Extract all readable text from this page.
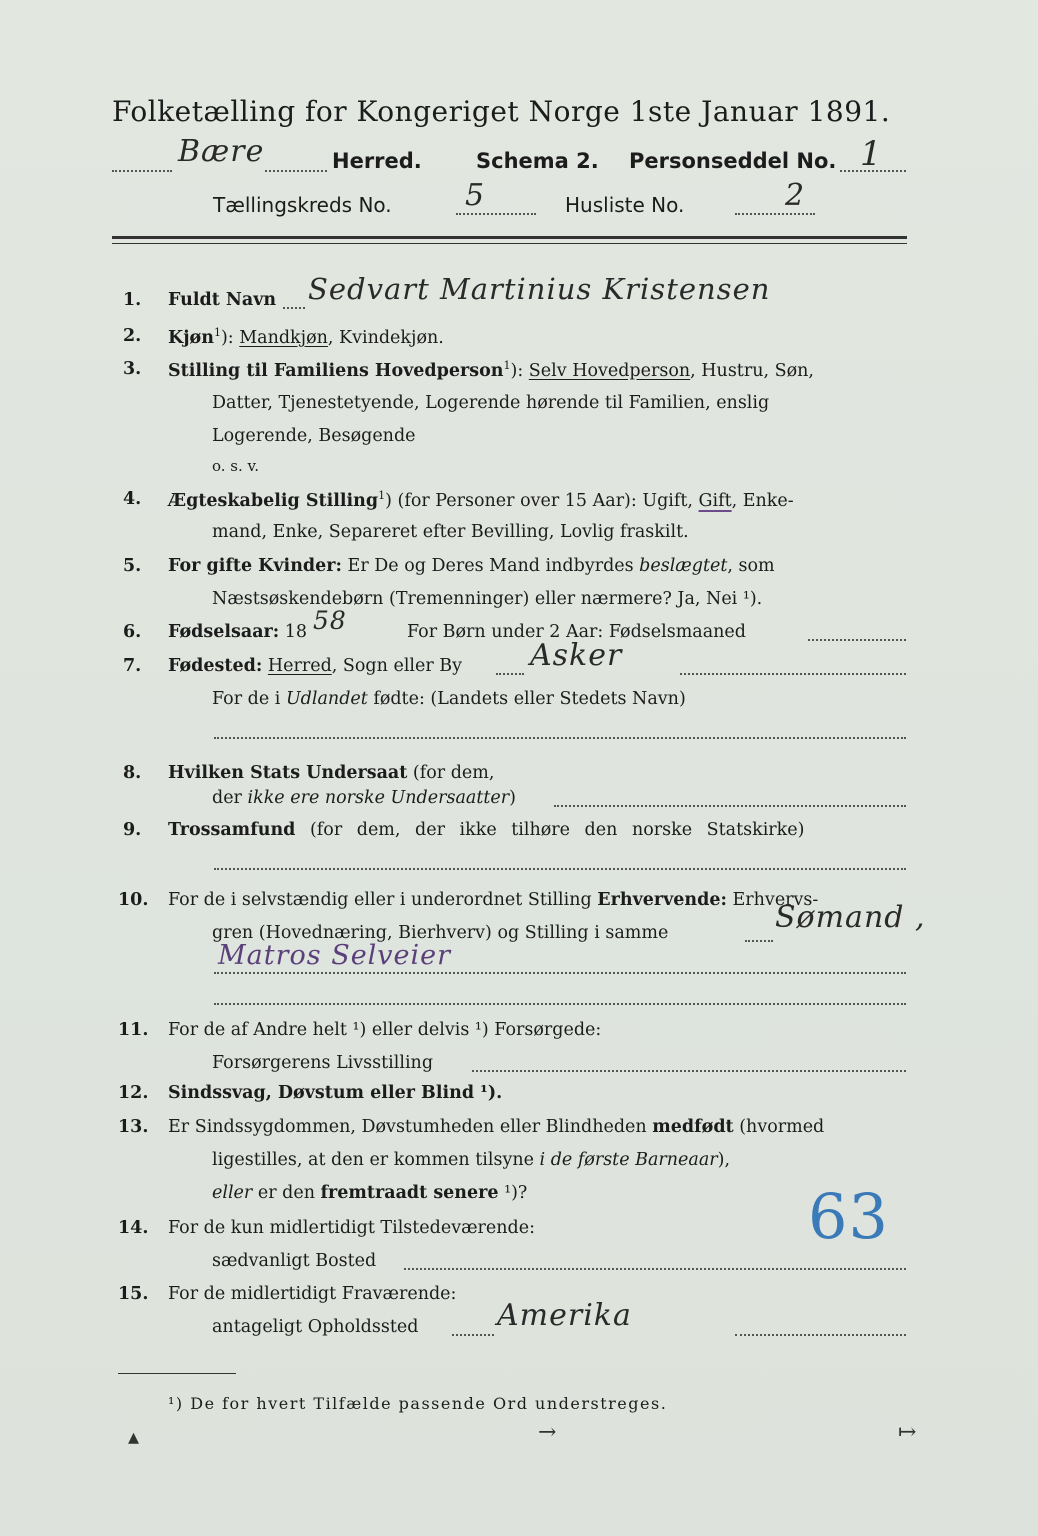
Folketælling for Kongeriget Norge 1ste Januar 1891.
Bære	Herred.	Schema 2. Personseddel No. 1
Tællingskreds No. 5	Husliste No.	2
1. Fuldt Navn Sedvart Martinius Kristensen
2. Kjøn$^1$): Mandkjøn, Kvindekjøn.
3. Stilling til Familiens Hovedperson$^1$): Selv Hovedperson, Hustru, Søn,
Datter, Tjenestetyende, Logerende hørende til Familien, enslig
Logerende, Besøgende
o. s. v.
4. Ægteskabelig Stilling$^1$) (for Personer over 15 Aar): Ugift, Gift, Enke-
mand, Enke, Separeret efter Bevilling, Lovlig fraskilt.
5. For gifte Kvinder: Er De og Deres Mand indbyrdes beslægtet, som
Næstsøskendebørn (Tremenninger) eller nærmere? Ja, Nei ¹).
6. Fødselsaar: 18 58	For Børn under 2 Aar: Fødselsmaaned
7. Fødested: Herred, Sogn eller By Asker
For de i Udlandet fødte: (Landets eller Stedets Navn)
8. Hvilken Stats Undersaat (for dem,
der ikke ere norske Undersaatter)
9. Trossamfund (for dem, der ikke tilhøre den norske Statskirke)
10. For de i selvstændig eller i underordnet Stilling Erhvervende: Erhvervs-
gren (Hovednæring, Bierhverv) og Stilling i samme	Sømand ,
Matros Selveier
11. For de af Andre helt ¹) eller delvis ¹) Forsørgede:
Forsørgerens Livsstilling
12. Sindssvag, Døvstum eller Blind ¹).
13. Er Sindssygdommen, Døvstumheden eller Blindheden medfødt (hvormed
ligestilles, at den er kommen tilsyne i de første Barneaar),
eller er den fremtraadt senere ¹)?	63
14. For de kun midlertidigt Tilstedeværende:
sædvanligt Bosted
15. For de midlertidigt Fraværende:
antageligt Opholdssted	Amerika
¹) De for hvert Tilfælde passende Ord understreges.
▴	→	↦
